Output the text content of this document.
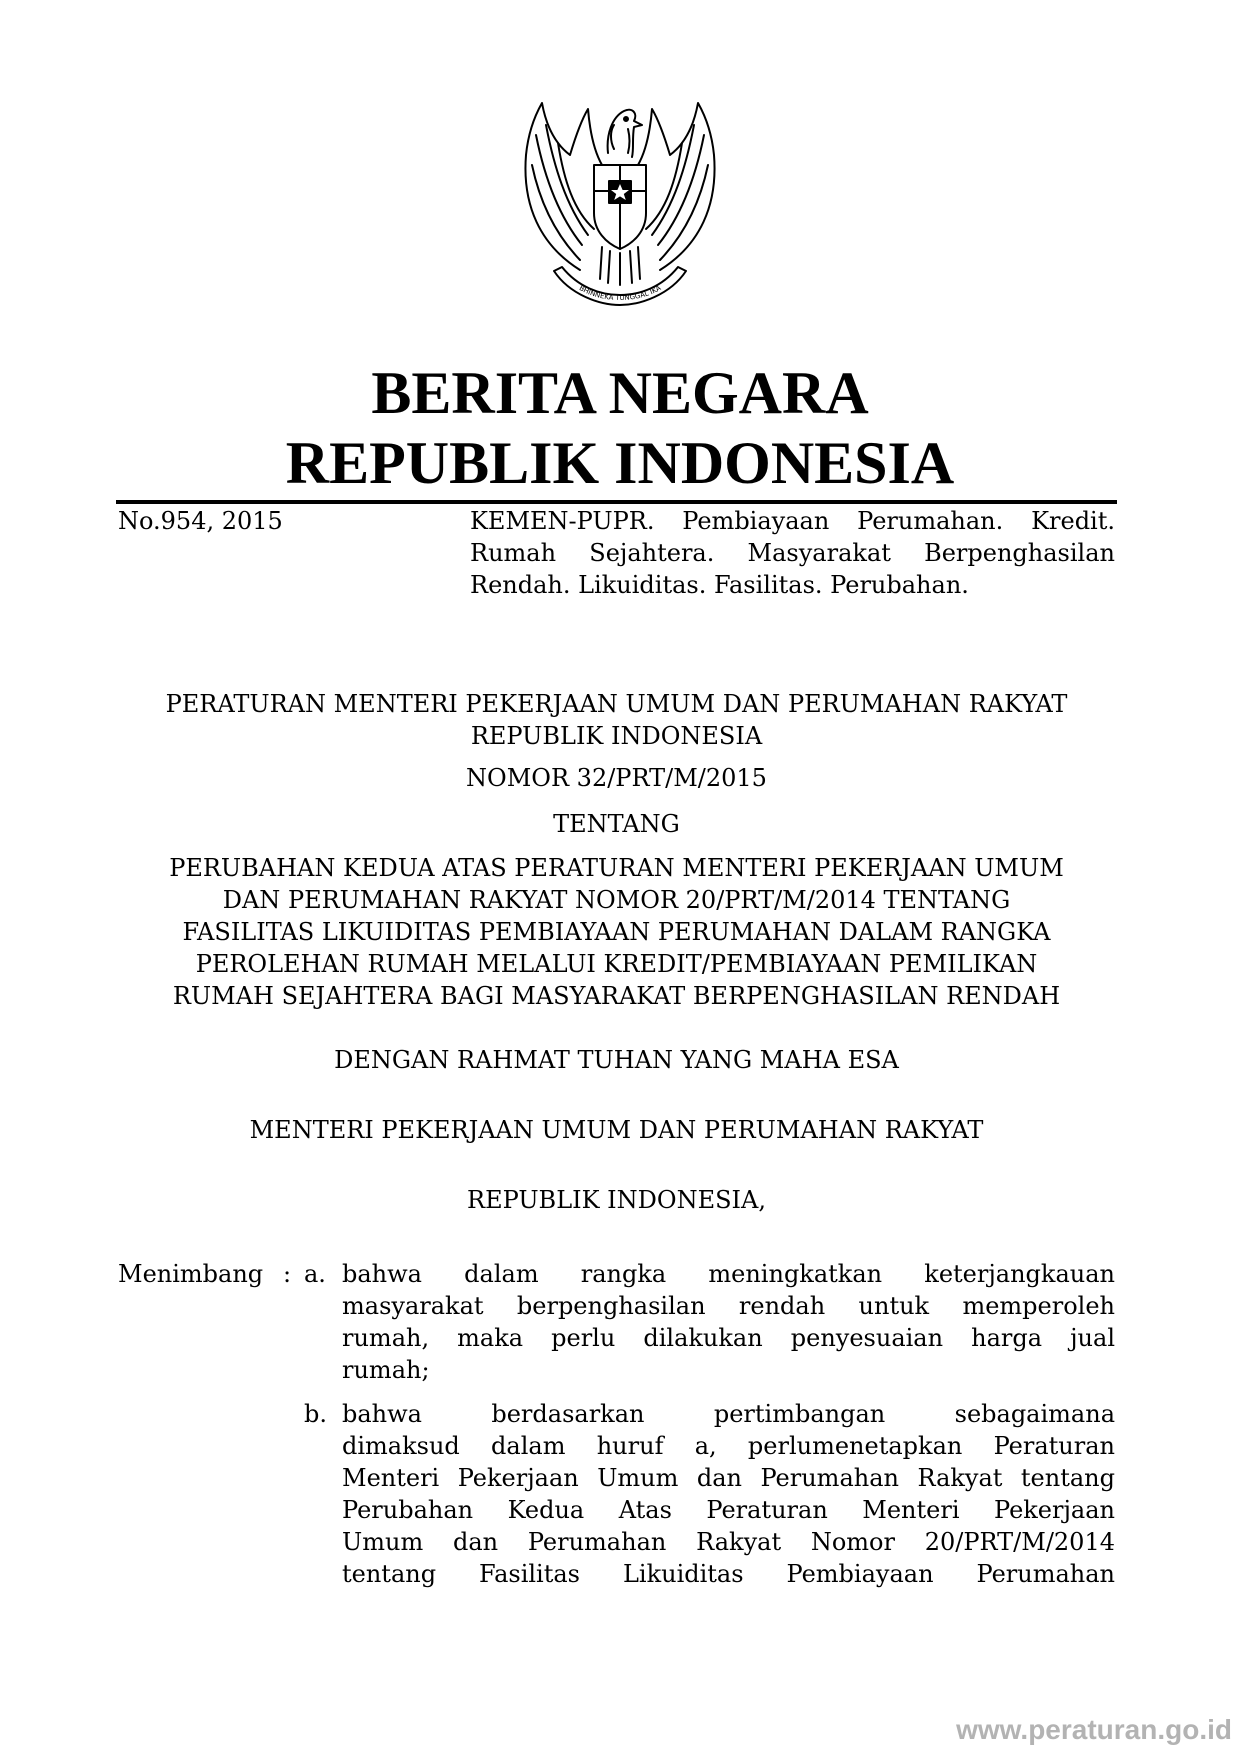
BHINNEKA TUNGGAL IKA
BERITA NEGARA
REPUBLIK INDONESIA
No.954, 2015	KEMEN-PUPR. Pembiayaan Perumahan. Kredit.
Rumah Sejahtera. Masyarakat Berpenghasilan
Rendah. Likuiditas. Fasilitas. Perubahan.
PERATURAN MENTERI PEKERJAAN UMUM DAN PERUMAHAN RAKYAT
REPUBLIK INDONESIA
NOMOR 32/PRT/M/2015
TENTANG
PERUBAHAN KEDUA ATAS PERATURAN MENTERI PEKERJAAN UMUM
DAN PERUMAHAN RAKYAT NOMOR 20/PRT/M/2014 TENTANG
FASILITAS LIKUIDITAS PEMBIAYAAN PERUMAHAN DALAM RANGKA
PEROLEHAN RUMAH MELALUI KREDIT/PEMBIAYAAN PEMILIKAN
RUMAH SEJAHTERA BAGI MASYARAKAT BERPENGHASILAN RENDAH
DENGAN RAHMAT TUHAN YANG MAHA ESA
MENTERI PEKERJAAN UMUM DAN PERUMAHAN RAKYAT
REPUBLIK INDONESIA,
Menimbang : a. bahwa dalam rangka meningkatkan keterjangkauan
masyarakat berpenghasilan rendah untuk memperoleh
rumah, maka perlu dilakukan penyesuaian harga jual
rumah;
b. bahwa berdasarkan pertimbangan sebagaimana
dimaksud dalam huruf a, perlumenetapkan Peraturan
Menteri Pekerjaan Umum dan Perumahan Rakyat tentang
Perubahan Kedua Atas Peraturan Menteri Pekerjaan
Umum dan Perumahan Rakyat Nomor 20/PRT/M/2014
tentang Fasilitas Likuiditas Pembiayaan Perumahan
www.peraturan.go.id
